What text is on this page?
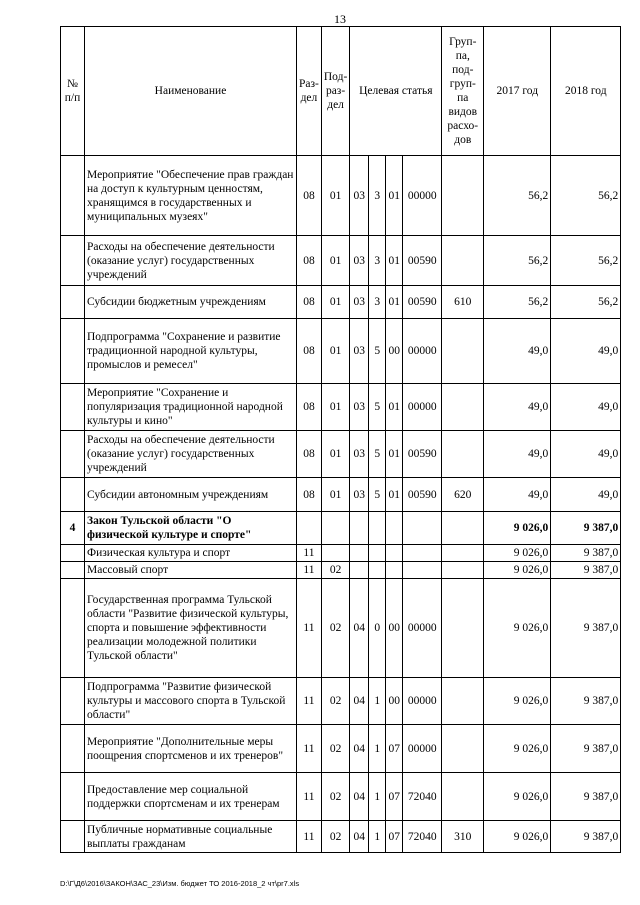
13
№ п/п	Наименование	Раз-дел	Под-раз-дел	Целевая статья				Груп-па, под-груп-па видов расхо-дов	2017 год	2018 год
	Мероприятие "Обеспечение прав граждан на доступ к культурным ценностям, хранящимся в государственных и муниципальных музеях"	08	01	03	3	01	00000		56,2	56,2
	Расходы на обеспечение деятельности (оказание услуг) государственных учреждений	08	01	03	3	01	00590		56,2	56,2
	Субсидии бюджетным учреждениям	08	01	03	3	01	00590	610	56,2	56,2
	Подпрограмма "Сохранение и развитие традиционной народной культуры, промыслов и ремесел"	08	01	03	5	00	00000		49,0	49,0
	Мероприятие "Сохранение и популяризация традиционной народной культуры и кино"	08	01	03	5	01	00000		49,0	49,0
	Расходы на обеспечение деятельности (оказание услуг) государственных учреждений	08	01	03	5	01	00590		49,0	49,0
	Субсидии автономным учреждениям	08	01	03	5	01	00590	620	49,0	49,0
4	Закон Тульской области "О физической культуре и спорте"								9 026,0	9 387,0
	Физическая культура и спорт	11							9 026,0	9 387,0
	Массовый спорт	11	02						9 026,0	9 387,0
	Государственная программа Тульской области "Развитие физической культуры, спорта и повышение эффективности реализации молодежной политики Тульской области"	11	02	04	0	00	00000		9 026,0	9 387,0
	Подпрограмма "Развитие физической культуры и массового спорта в Тульской области"	11	02	04	1	00	00000		9 026,0	9 387,0
	Мероприятие "Дополнительные меры поощрения спортсменов и их тренеров"	11	02	04	1	07	00000		9 026,0	9 387,0
	Предоставление мер социальной поддержки спортсменам и их тренерам	11	02	04	1	07	72040		9 026,0	9 387,0
	Публичные нормативные социальные выплаты гражданам	11	02	04	1	07	72040	310	9 026,0	9 387,0
D:\Г\Д6\2016\ЗАКОН\ЗАС_23\Изм. бюджет ТО 2016-2018_2 чт\pr7.xls
